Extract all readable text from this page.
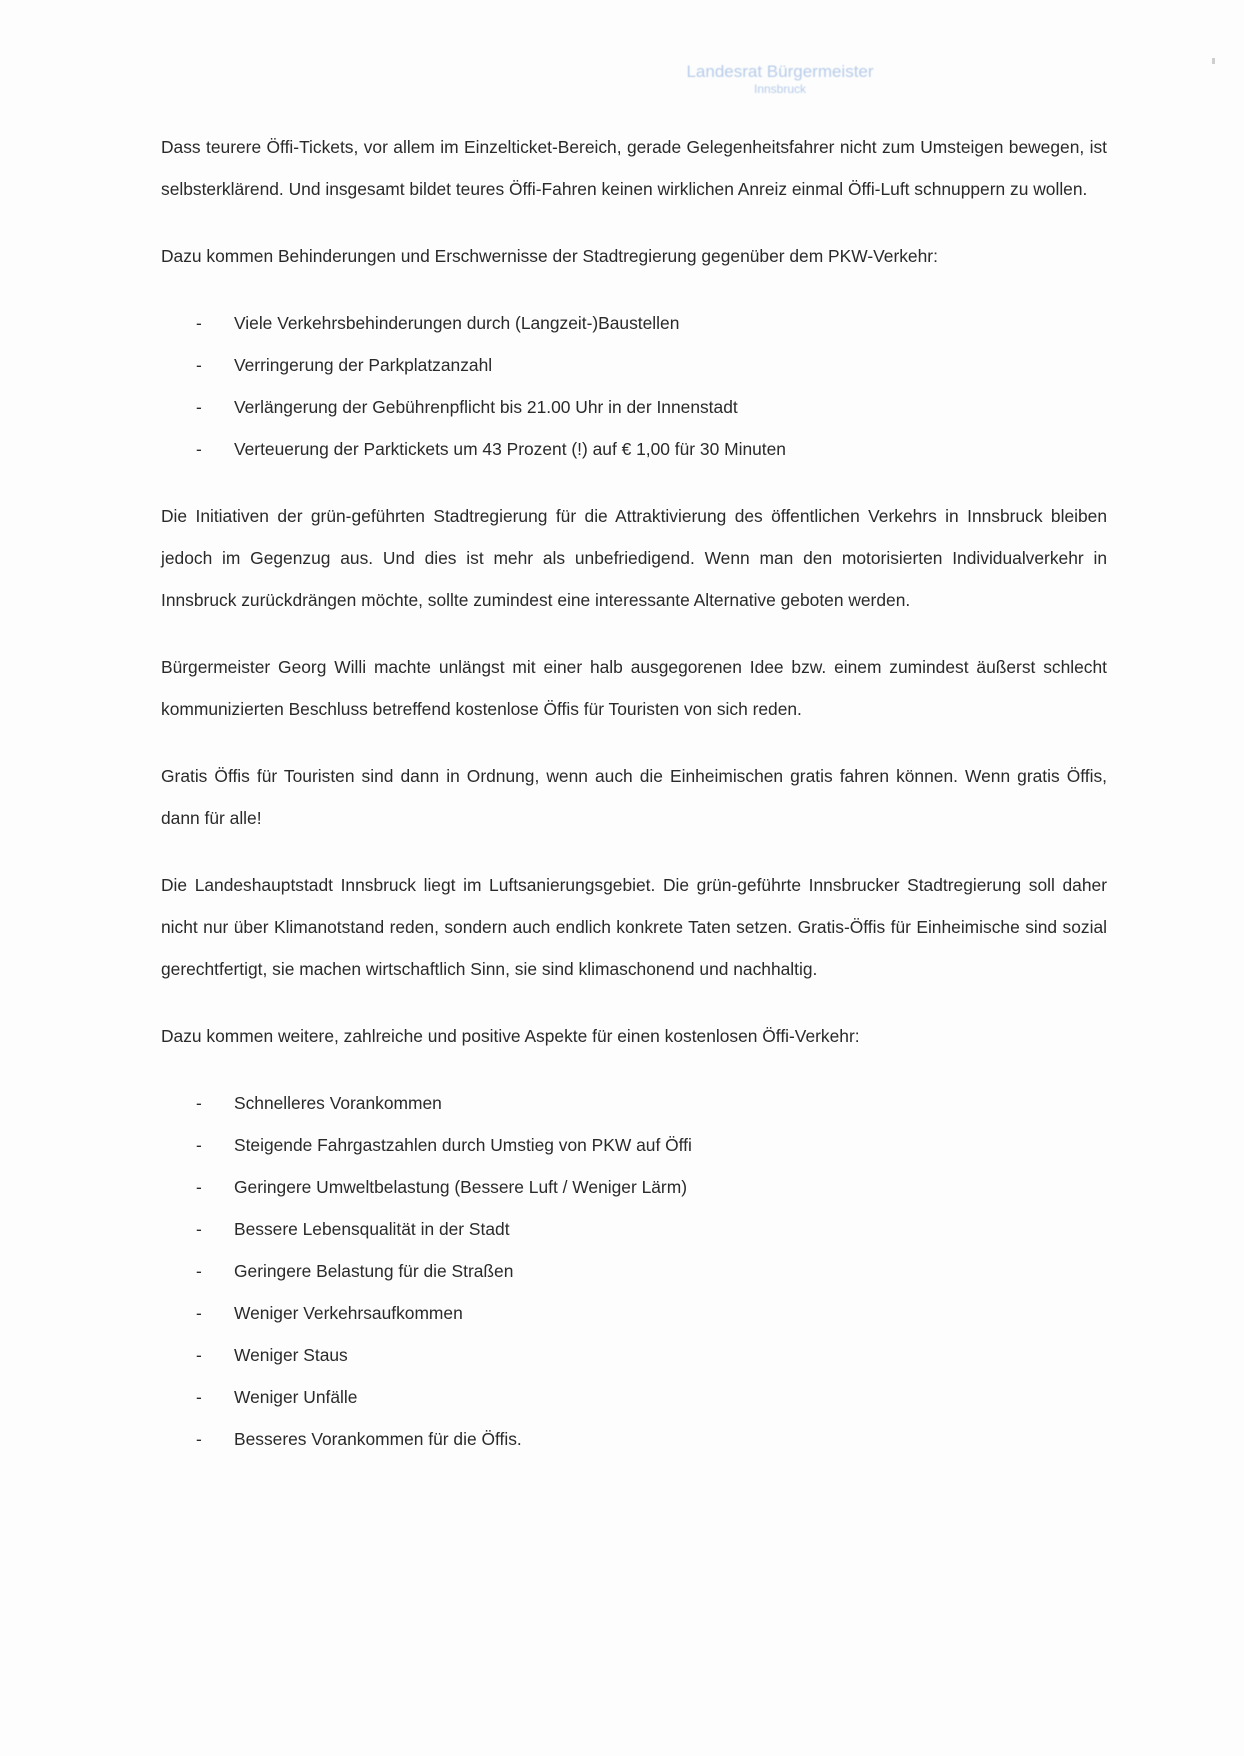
Landesrat Bürgermeister
Innsbruck

Dass teurere Öffi-Tickets, vor allem im Einzelticket-Bereich, gerade Gelegenheitsfahrer nicht zum Umsteigen bewegen, ist selbsterklärend. Und insgesamt bildet teures Öffi-Fahren keinen wirklichen Anreiz einmal Öffi-Luft schnuppern zu wollen.

Dazu kommen Behinderungen und Erschwernisse der Stadtregierung gegenüber dem PKW-Verkehr:

- Viele Verkehrsbehinderungen durch (Langzeit-)Baustellen
- Verringerung der Parkplatzanzahl
- Verlängerung der Gebührenpflicht bis 21.00 Uhr in der Innenstadt
- Verteuerung der Parktickets um 43 Prozent (!) auf € 1,00 für 30 Minuten

Die Initiativen der grün-geführten Stadtregierung für die Attraktivierung des öffentlichen Verkehrs in Innsbruck bleiben jedoch im Gegenzug aus. Und dies ist mehr als unbefriedigend. Wenn man den motorisierten Individualverkehr in Innsbruck zurückdrängen möchte, sollte zumindest eine interessante Alternative geboten werden.

Bürgermeister Georg Willi machte unlängst mit einer halb ausgegorenen Idee bzw. einem zumindest äußerst schlecht kommunizierten Beschluss betreffend kostenlose Öffis für Touristen von sich reden.

Gratis Öffis für Touristen sind dann in Ordnung, wenn auch die Einheimischen gratis fahren können. Wenn gratis Öffis, dann für alle!

Die Landeshauptstadt Innsbruck liegt im Luftsanierungsgebiet. Die grün-geführte Innsbrucker Stadtregierung soll daher nicht nur über Klimanotstand reden, sondern auch endlich konkrete Taten setzen. Gratis-Öffis für Einheimische sind sozial gerechtfertigt, sie machen wirtschaftlich Sinn, sie sind klimaschonend und nachhaltig.

Dazu kommen weitere, zahlreiche und positive Aspekte für einen kostenlosen Öffi-Verkehr:

- Schnelleres Vorankommen
- Steigende Fahrgastzahlen durch Umstieg von PKW auf Öffi
- Geringere Umweltbelastung (Bessere Luft / Weniger Lärm)
- Bessere Lebensqualität in der Stadt
- Geringere Belastung für die Straßen
- Weniger Verkehrsaufkommen
- Weniger Staus
- Weniger Unfälle
- Besseres Vorankommen für die Öffis.
